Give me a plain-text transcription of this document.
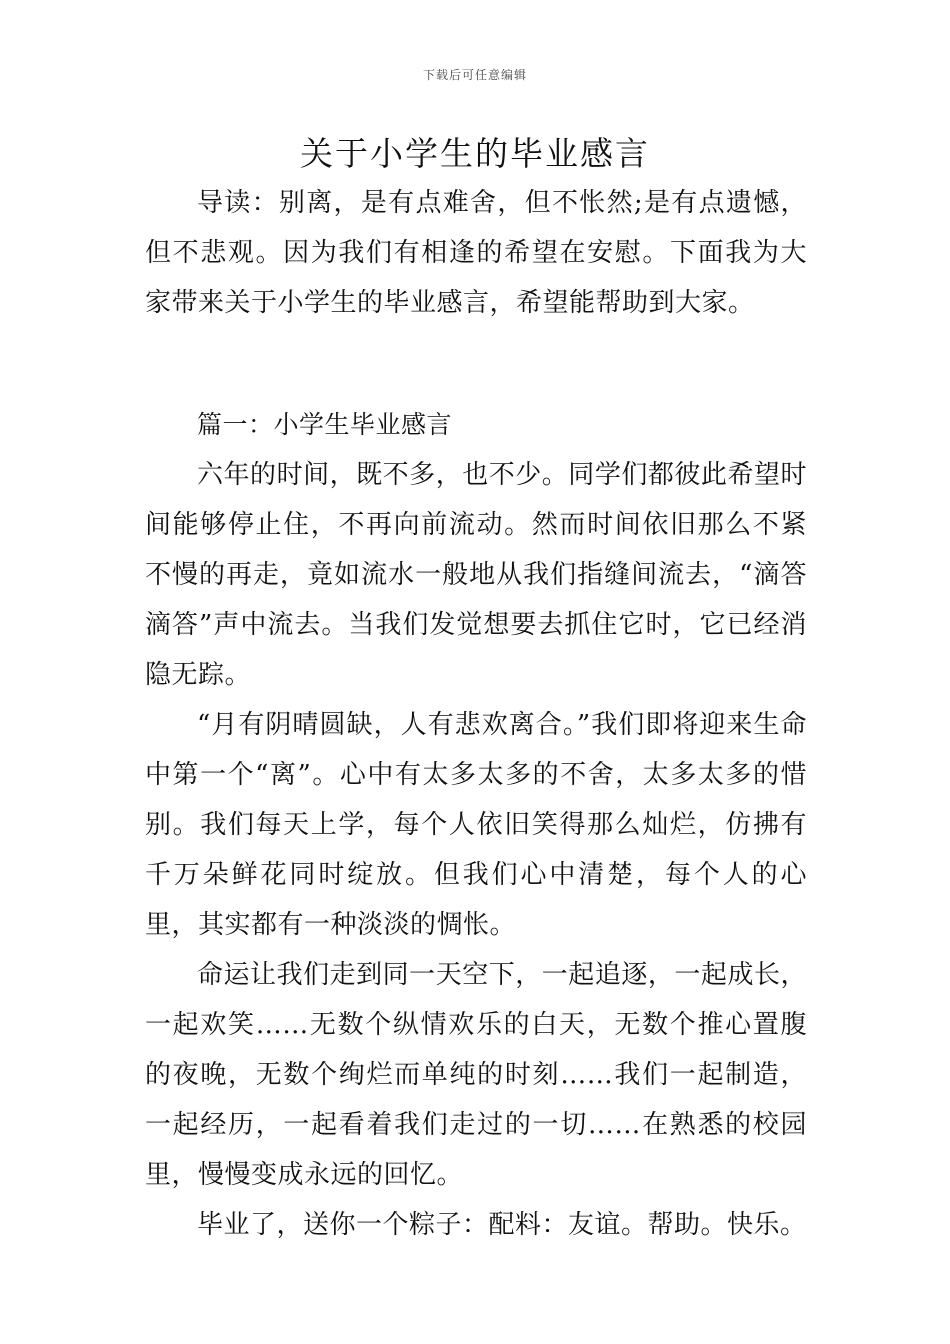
下载后可任意编辑
关于小学生的毕业感言

导读：别离，是有点难舍，但不怅然;是有点遗憾，但不悲观。因为我们有相逢的希望在安慰。下面我为大家带来关于小学生的毕业感言，希望能帮助到大家。

篇一：小学生毕业感言

六年的时间，既不多，也不少。同学们都彼此希望时间能够停止住，不再向前流动。然而时间依旧那么不紧不慢的再走，竟如流水一般地从我们指缝间流去，“滴答滴答”声中流去。当我们发觉想要去抓住它时，它已经消隐无踪。

“月有阴晴圆缺，人有悲欢离合。”我们即将迎来生命中第一个“离”。心中有太多太多的不舍，太多太多的惜别。我们每天上学，每个人依旧笑得那么灿烂，仿拂有千万朵鲜花同时绽放。但我们心中清楚，每个人的心里，其实都有一种淡淡的惆怅。

命运让我们走到同一天空下，一起追逐，一起成长，一起欢笑……无数个纵情欢乐的白天，无数个推心置腹的夜晚，无数个绚烂而单纯的时刻……我们一起制造，一起经历，一起看着我们走过的一切……在熟悉的校园里，慢慢变成永远的回忆。

毕业了，送你一个粽子：配料：友谊。帮助。快乐。
